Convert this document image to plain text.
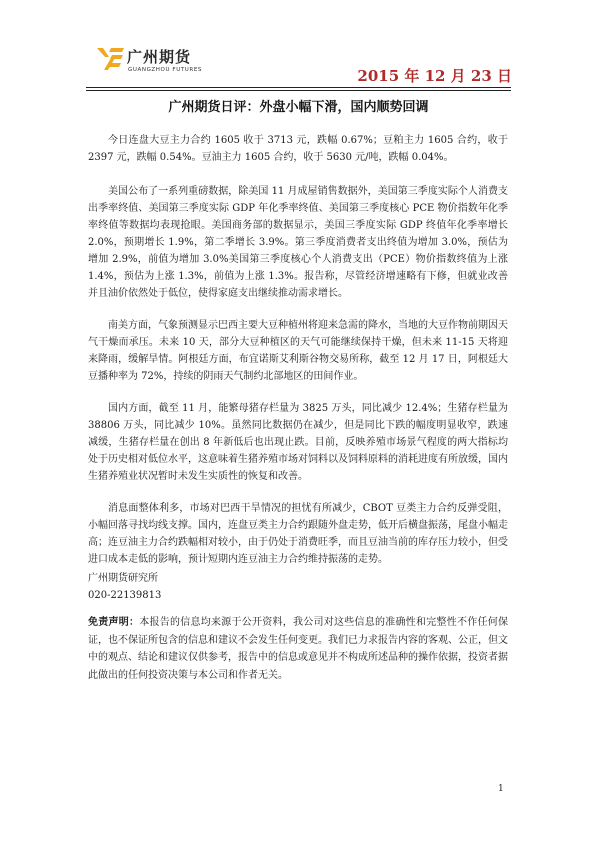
广州期货
GUANGZHOU FUTURES	2015 年 12 月 23 日
广州期货日评：外盘小幅下滑，国内顺势回调

今日连盘大豆主力合约 1605 收于 3713 元，跌幅 0.67%；豆粕主力 1605 合约，收于 2397 元，跌幅 0.54%。豆油主力 1605 合约，收于 5630 元/吨，跌幅 0.04%。

美国公布了一系列重磅数据，除美国 11 月成屋销售数据外，美国第三季度实际个人消费支出季率终值、美国第三季度实际 GDP 年化季率终值、美国第三季度核心 PCE 物价指数年化季率终值等数据均表现抢眼。美国商务部的数据显示，美国三季度实际 GDP 终值年化季率增长 2.0%，预期增长 1.9%，第二季增长 3.9%。第三季度消费者支出终值为增加 3.0%，预估为增加 2.9%，前值为增加 3.0%美国第三季度核心个人消费支出（PCE）物价指数终值为上涨 1.4%，预估为上涨 1.3%，前值为上涨 1.3%。报告称，尽管经济增速略有下修，但就业改善并且油价依然处于低位，使得家庭支出继续推动需求增长。

南美方面，气象预测显示巴西主要大豆种植州将迎来急需的降水，当地的大豆作物前期因天气干燥而承压。未来 10 天，部分大豆种植区的天气可能继续保持干燥，但未来 11-15 天将迎来降雨，缓解旱情。阿根廷方面，布宜诺斯艾利斯谷物交易所称，截至 12 月 17 日，阿根廷大豆播种率为 72%，持续的阴雨天气制约北部地区的田间作业。

国内方面，截至 11 月，能繁母猪存栏量为 3825 万头，同比减少 12.4%；生猪存栏量为 38806 万头，同比减少 10%。虽然同比数据仍在减少，但是同比下跌的幅度明显收窄，跌速减缓，生猪存栏量在创出 8 年新低后也出现止跌。目前，反映养殖市场景气程度的两大指标均处于历史相对低位水平，这意味着生猪养殖市场对饲料以及饲料原料的消耗进度有所放缓，国内生猪养殖业状况暂时未发生实质性的恢复和改善。

消息面整体利多，市场对巴西干旱情况的担忧有所减少，CBOT 豆类主力合约反弹受阻，小幅回落寻找均线支撑。国内，连盘豆类主力合约跟随外盘走势，低开后横盘振荡，尾盘小幅走高；连豆油主力合约跌幅相对较小，由于仍处于消费旺季，而且豆油当前的库存压力较小，但受进口成本走低的影响，预计短期内连豆油主力合约维持振荡的走势。

广州期货研究所
020-22139813
免责声明：本报告的信息均来源于公开资料，我公司对这些信息的准确性和完整性不作任何保证，也不保证所包含的信息和建议不会发生任何变更。我们已力求报告内容的客观、公正，但文中的观点、结论和建议仅供参考，报告中的信息或意见并不构成所述品种的操作依据，投资者据此做出的任何投资决策与本公司和作者无关。
1
